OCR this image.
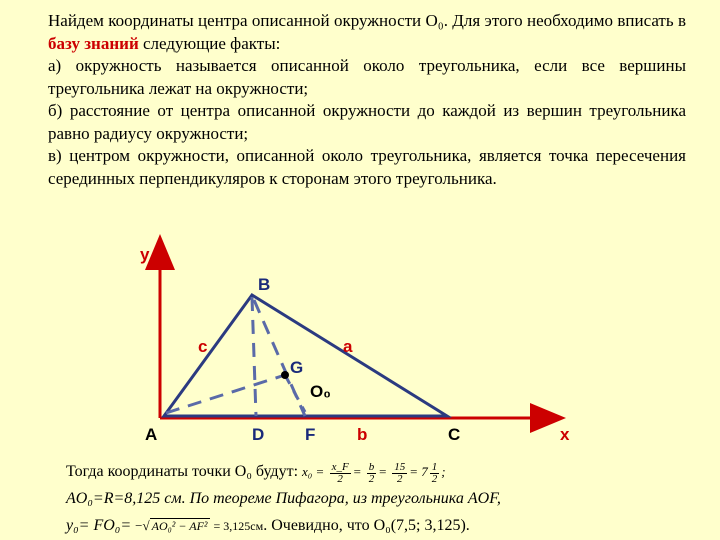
Найдем координаты центра описанной окружности O₀. Для этого необходимо вписать в базу знаний следующие факты:

а) окружность называется описанной около треугольника, если все вершины треугольника лежат на окружности;

б) расстояние от центра описанной окружности до каждой из вершин треугольника равно радиусу окружности;

в) центром окружности, описанной около треугольника, является точка пересечения серединных перпендикуляров к сторонам этого треугольника.

y
x
B
A	C
D F
G
O₀
a
b
c
Тогда координаты точки O₀ будут: $x_0 = \frac{x\_F}{2} = \frac{b}{2} = \frac{15}{2} = 7 \frac{1}{2}$ ;
AO₀=R=8,125 см. По теореме Пифагора, из треугольника AOF,
y₀= FO₀= −√ AO₀² − AF² = 3,125см. Очевидно, что O₀(7,5; 3,125).
